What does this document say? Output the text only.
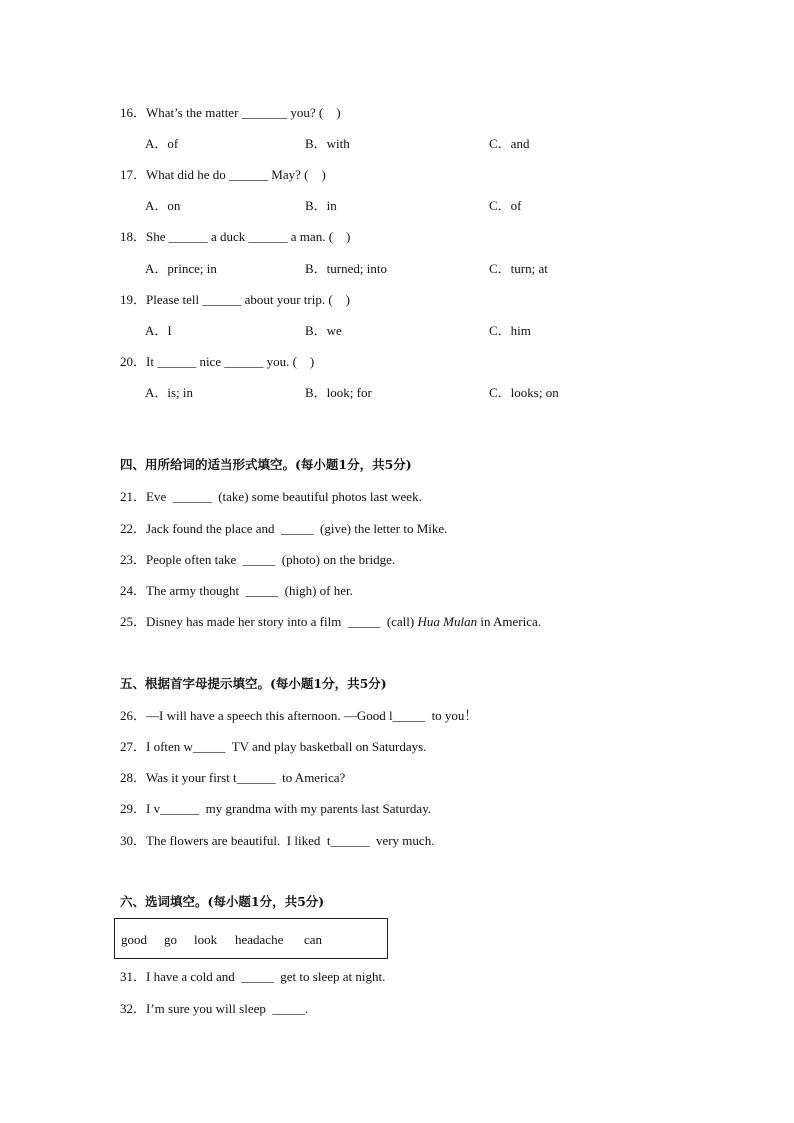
16．What’s the matter _______ you? (    )
A．of	B．with	C．and
17．What did he do ______ May? (    )
A．on	B．in	C．of
18．She ______ a duck ______ a man. (    )
A．prince; in	B．turned; into	C．turn; at
19．Please tell ______ about your trip. (    )
A．I	B．we	C．him
20．It ______ nice ______ you. (    )
A．is; in	B．look; for	C．looks; on
四、用所给词的适当形式填空。(每小题1分，共5分)
21．Eve  ______  (take) some beautiful photos last week.
22．Jack found the place and  _____  (give) the letter to Mike.
23．People often take  _____  (photo) on the bridge.
24．The army thought  _____  (high) of her.
25．Disney has made her story into a film  _____  (call) Hua Mulan in America.
五、根据首字母提示填空。(每小题1分，共5分)
26．—I will have a speech this afternoon. —Good l_____  to you！
27．I often w_____  TV and play basketball on Saturdays.
28．Was it your first t______  to America?
29．I v______  my grandma with my parents last Saturday.
30．The flowers are beautiful.  I liked  t______  very much.
六、选词填空。(每小题1分，共5分)
good go look headache can
31．I have a cold and  _____  get to sleep at night.
32．I’m sure you will sleep  _____.
